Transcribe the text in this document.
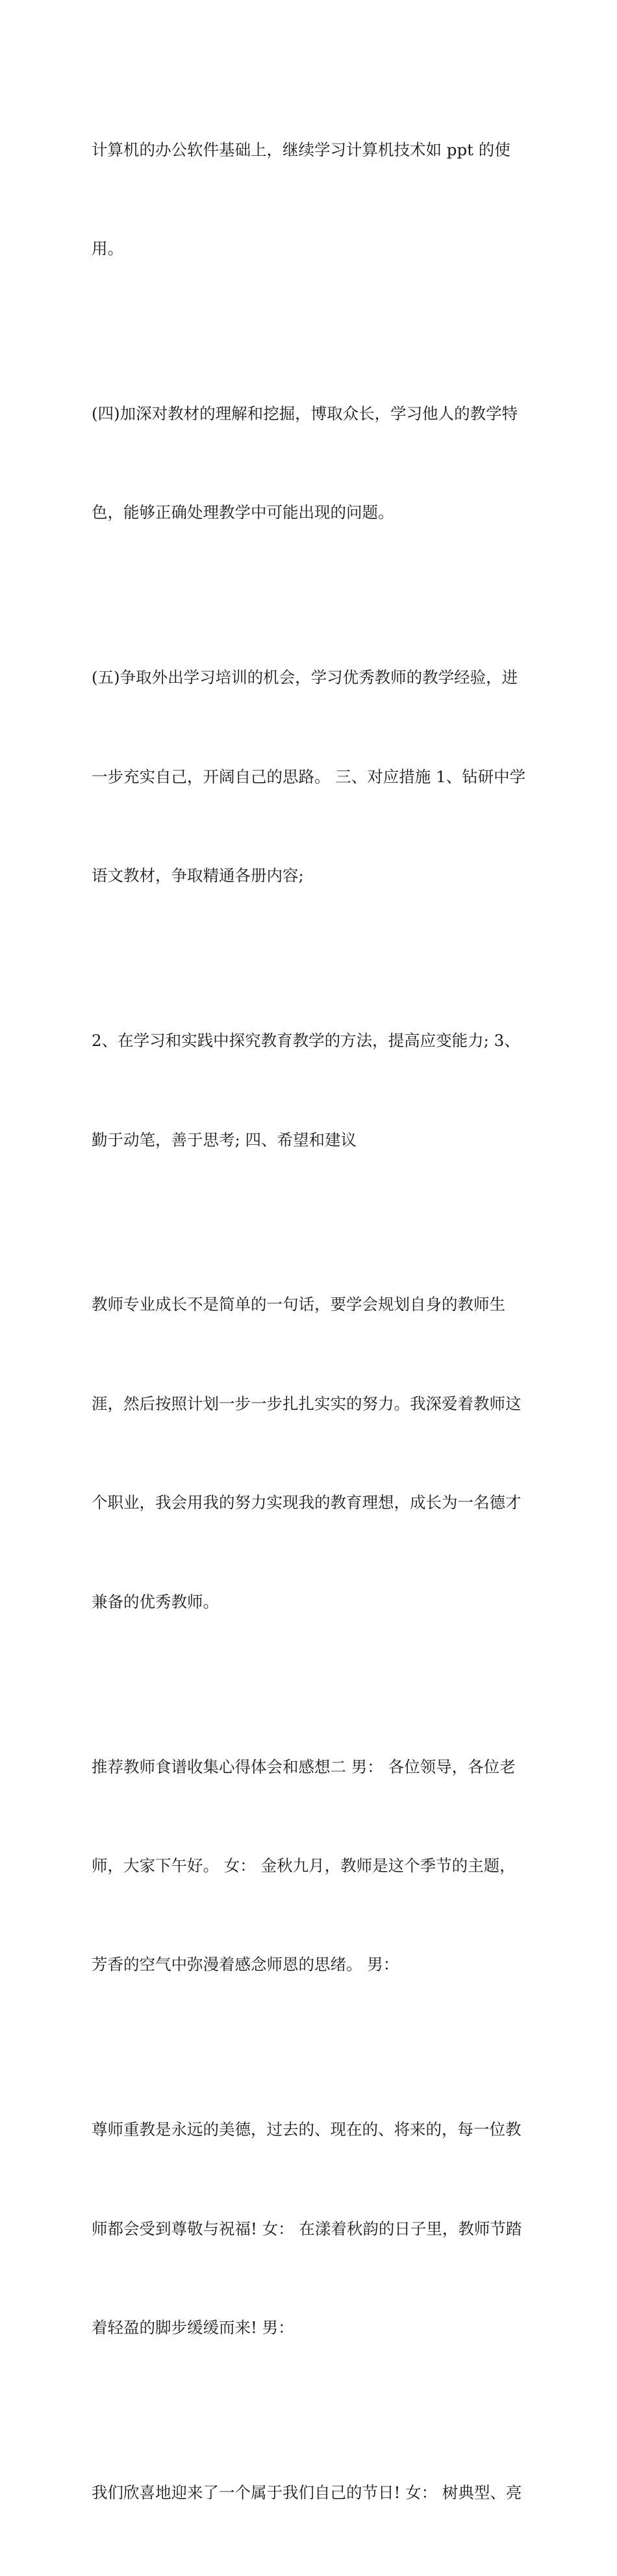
计算机的办公软件基础上，继续学习计算机技术如 ppt 的使

用。

(四)加深对教材的理解和挖掘，博取众长，学习他人的教学特

色，能够正确处理教学中可能出现的问题。

(五)争取外出学习培训的机会，学习优秀教师的教学经验，进

一步充实自己，开阔自己的思路。 三、对应措施 1、钻研中学

语文教材，争取精通各册内容;

2、在学习和实践中探究教育教学的方法，提高应变能力; 3、

勤于动笔，善于思考; 四、希望和建议

教师专业成长不是简单的一句话，要学会规划自身的教师生

涯，然后按照计划一步一步扎扎实实的努力。我深爱着教师这

个职业，我会用我的努力实现我的教育理想，成长为一名德才

兼备的优秀教师。

推荐教师食谱收集心得体会和感想二 男： 各位领导，各位老

师，大家下午好。 女： 金秋九月，教师是这个季节的主题，

芳香的空气中弥漫着感念师恩的思绪。 男：

尊师重教是永远的美德，过去的、现在的、将来的，每一位教

师都会受到尊敬与祝福! 女： 在漾着秋韵的日子里，教师节踏

着轻盈的脚步缓缓而来! 男：

我们欣喜地迎来了一个属于我们自己的节日! 女： 树典型、亮
